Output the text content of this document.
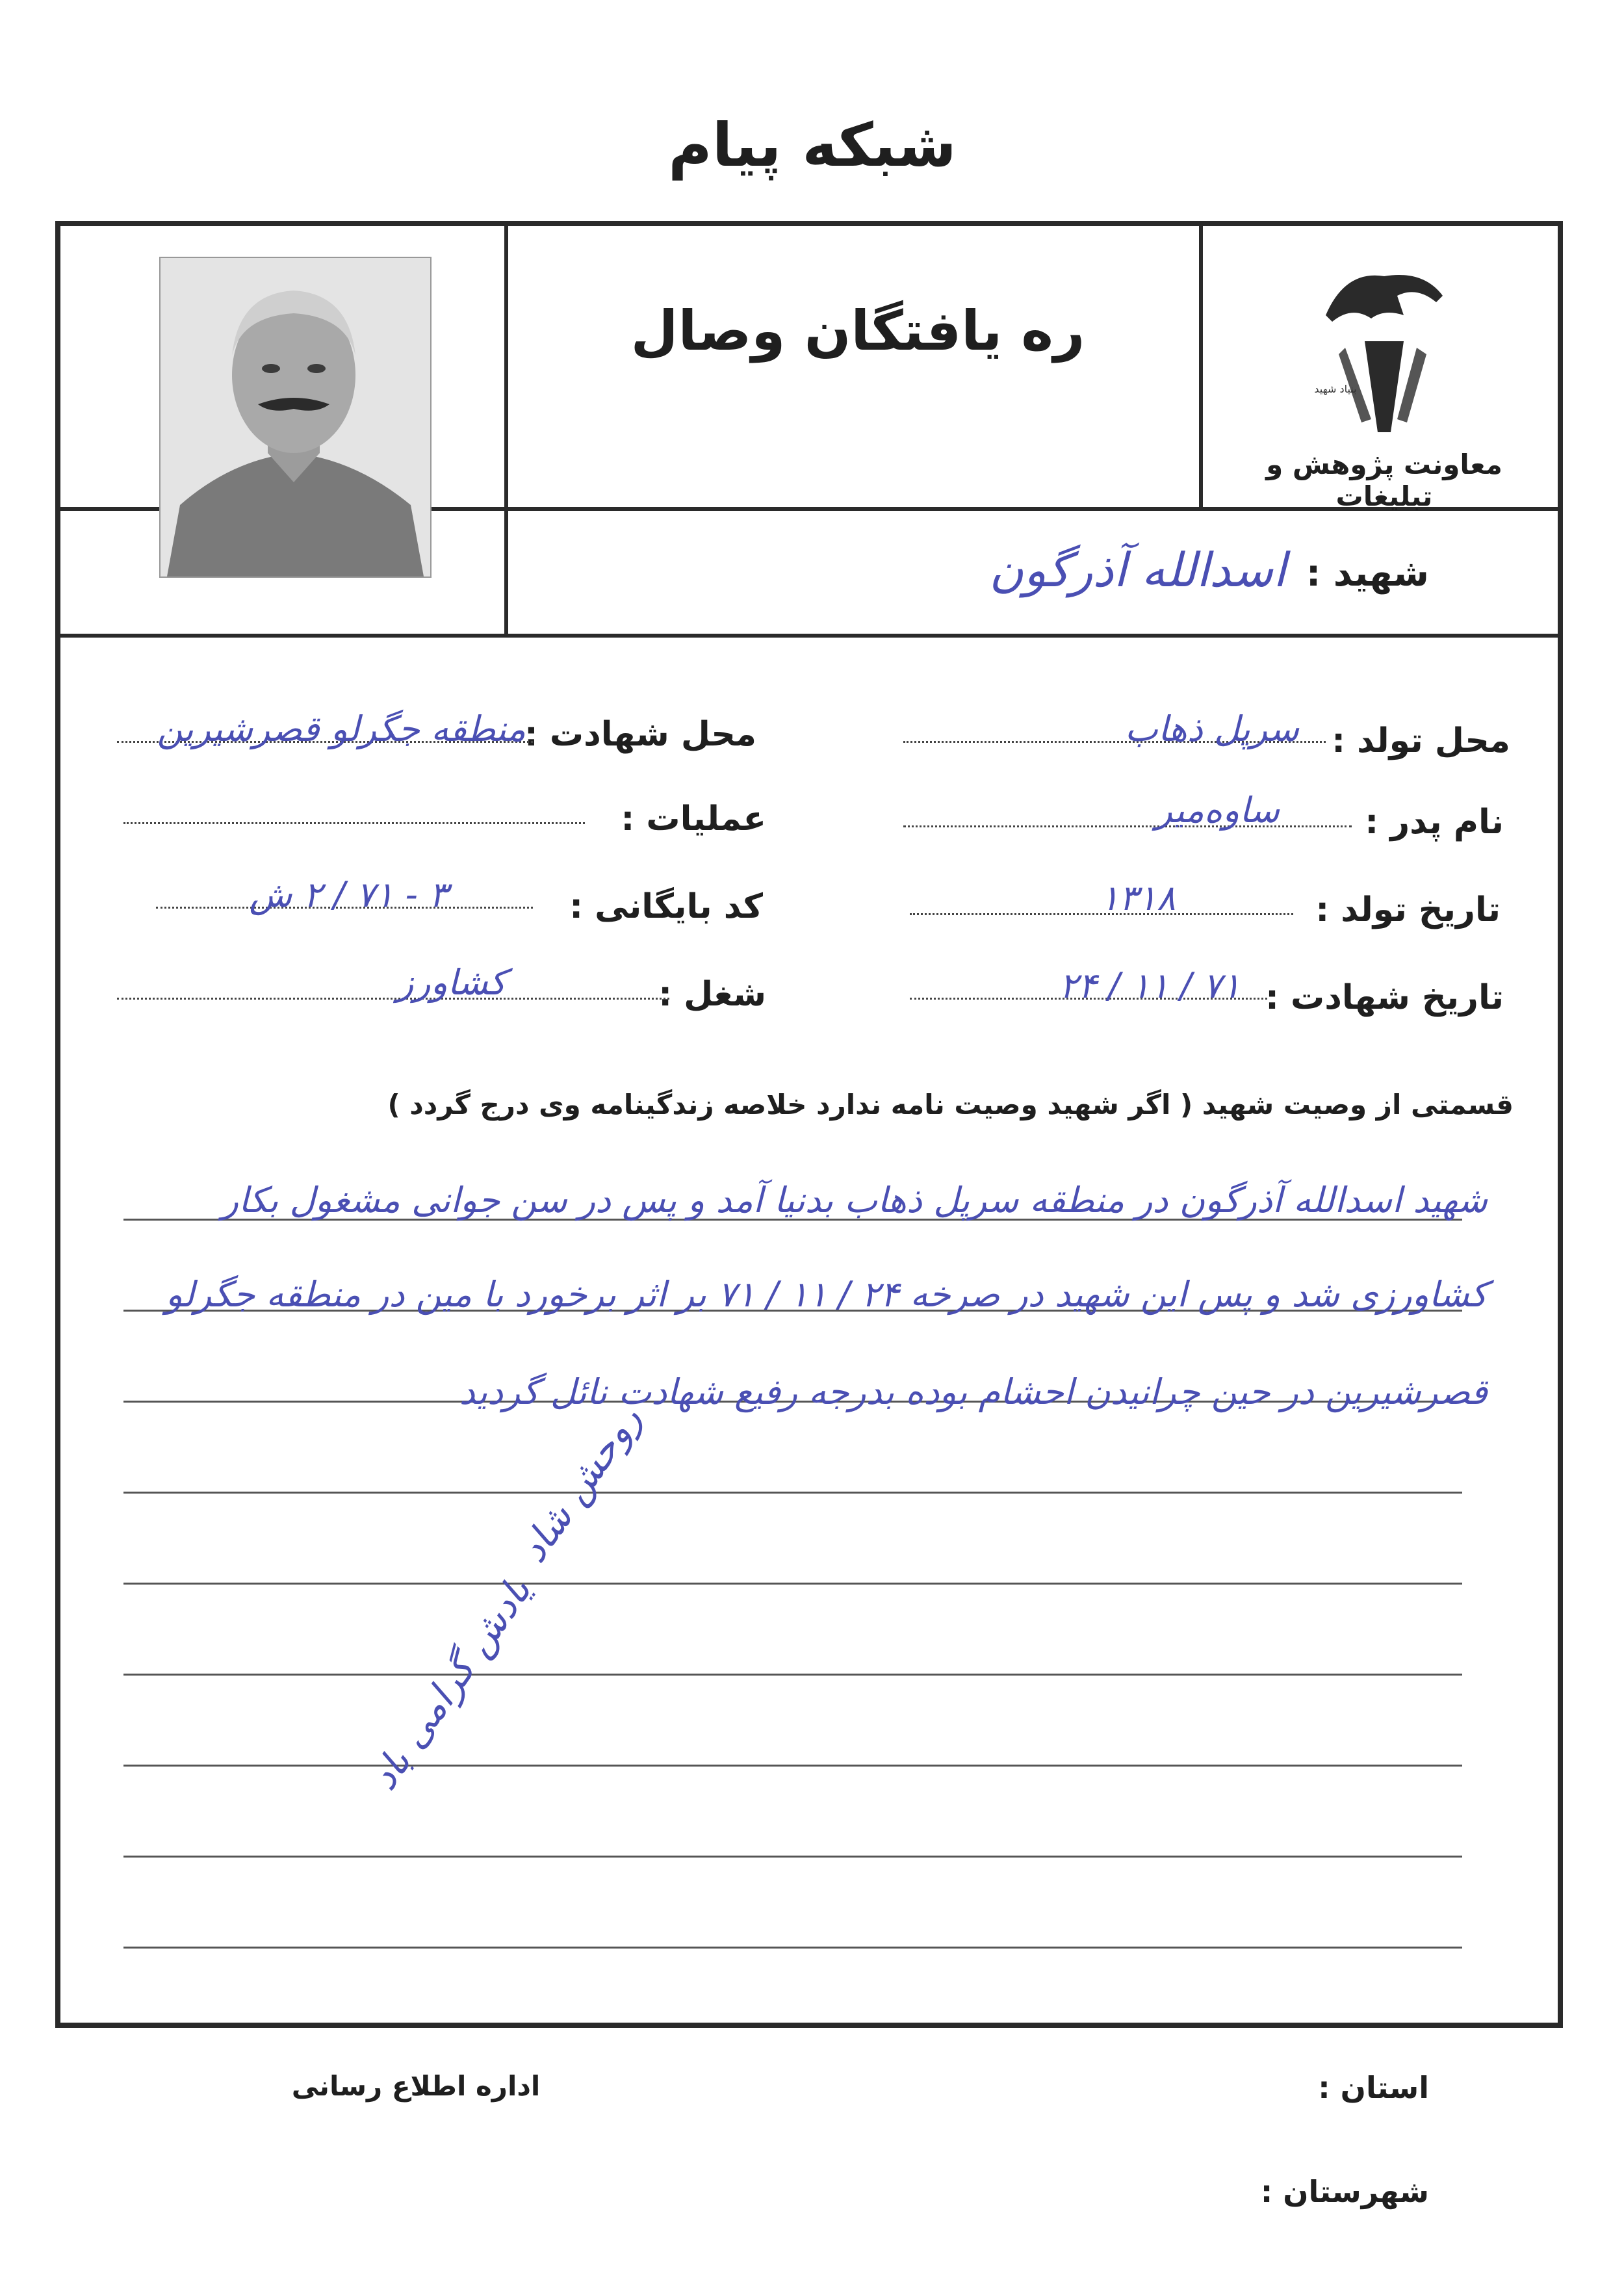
شبکه پیام
ره یافتگان وصال
بنیاد شهید
معاونت پژوهش و تبلیغات
شهید :
اسدالله آذرگون
محل تولد :
سرپل ذهاب
نام پدر :
ساوه‌میر
تاریخ تولد :
۱۳۱۸
تاریخ شهادت :
۷۱ / ۱۱ / ۲۴
محل شهادت :
منطقه جگرلو قصرشیرین
عملیات :
کد بایگانی :
۳ - ۷۱ / ۲ ش
شغل :
کشاورز
قسمتی از وصیت شهید ( اگر شهید وصیت نامه ندارد خلاصه زندگینامه وی درج گردد )
شهید اسدالله آذرگون در منطقه سرپل ذهاب بدنیا آمد و پس در سن جوانی مشغول بکار
کشاورزی شد و پس این شهید در صرخه ۲۴ / ۱۱ / ۷۱ بر اثر برخورد با مین در منطقه جگرلو
قصرشیرین در حین چرانیدن احشام بوده بدرجه رفیع شهادت نائل گردید
روحش شاد
یادش گرامی باد
استان :
شهرستان :
اداره اطلاع رسانی
